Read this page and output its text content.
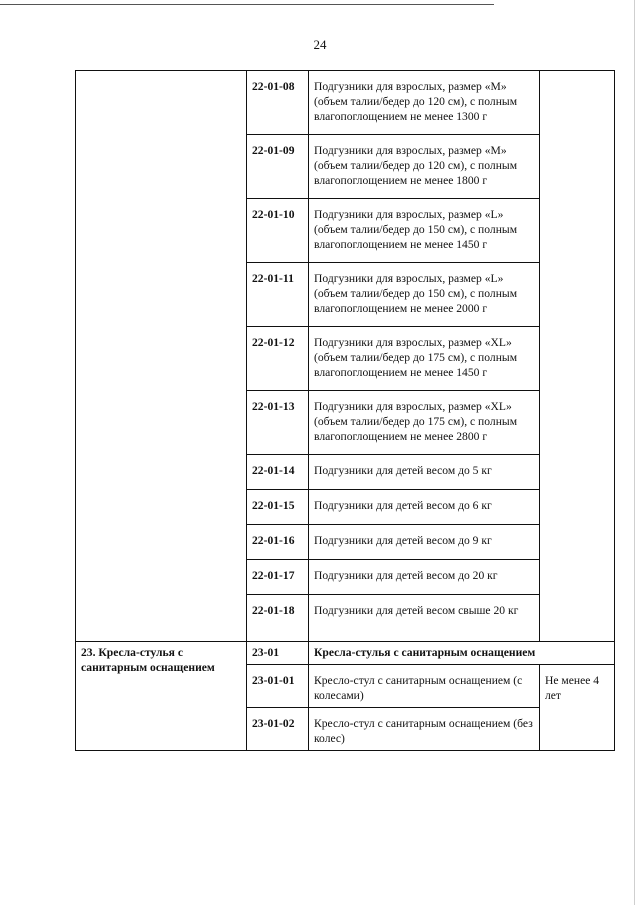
24
	22-01-08	Подгузники для взрослых, размер «M» (объем талии/бедер до 120 см), с полным влагопоглощением не менее 1300 г	
	22-01-09	Подгузники для взрослых, размер «M» (объем талии/бедер до 120 см), с полным влагопоглощением не менее 1800 г	
	22-01-10	Подгузники для взрослых, размер «L» (объем талии/бедер до 150 см), с полным влагопоглощением не менее 1450 г	
	22-01-11	Подгузники для взрослых, размер «L» (объем талии/бедер до 150 см), с полным влагопоглощением не менее 2000 г	
	22-01-12	Подгузники для взрослых, размер «XL» (объем талии/бедер до 175 см), с полным влагопоглощением не менее 1450 г	
	22-01-13	Подгузники для взрослых, размер «XL» (объем талии/бедер до 175 см), с полным влагопоглощением не менее 2800 г	
	22-01-14	Подгузники для детей весом до 5 кг	
	22-01-15	Подгузники для детей весом до 6 кг	
	22-01-16	Подгузники для детей весом до 9 кг	
	22-01-17	Подгузники для детей весом до 20 кг	
	22-01-18	Подгузники для детей весом свыше 20 кг	
23. Кресла-стулья с санитарным оснащением	23-01	Кресла-стулья с санитарным оснащением	
	23-01-01	Кресло-стул с санитарным оснащением (с колесами)	Не менее 4 лет
	23-01-02	Кресло-стул с санитарным оснащением (без колес)	
